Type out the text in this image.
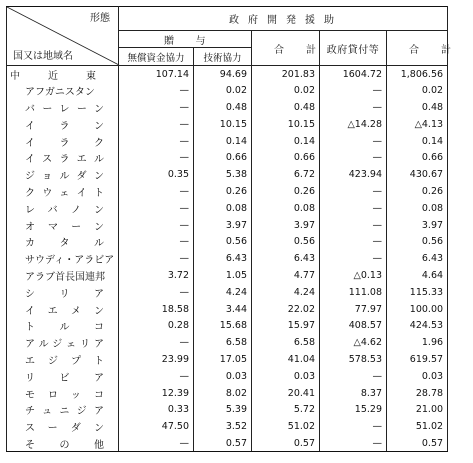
形態
国又は地域名	政府開発援助				
	贈　　与		合計	政府貸付等	合計
	無償資金協力	技術協力			
中近東	107.14	94.69	201.83	1604.72	1,806.56
アフガニスタン	—	0.02	0.02	—	0.02
バーレーン	—	0.48	0.48	—	0.48
イラン	—	10.15	10.15	△14.28	△4.13
イラク	—	0.14	0.14	—	0.14
イスラエル	—	0.66	0.66	—	0.66
ジョルダン	0.35	5.38	6.72	423.94	430.67
クウェイト	—	0.26	0.26	—	0.26
レバノン	—	0.08	0.08	—	0.08
オマーン	—	3.97	3.97	—	3.97
カタル	—	0.56	0.56	—	0.56
サウディ・アラビア	—	6.43	6.43	—	6.43
アラブ首長国連邦	3.72	1.05	4.77	△0.13	4.64
シリア	—	4.24	4.24	111.08	115.33
イエメン	18.58	3.44	22.02	77.97	100.00
トルコ	0.28	15.68	15.97	408.57	424.53
アルジェリア	—	6.58	6.58	△4.62	1.96
エジプト	23.99	17.05	41.04	578.53	619.57
リビア	—	0.03	0.03	—	0.03
モロッコ	12.39	8.02	20.41	8.37	28.78
チュニジア	0.33	5.39	5.72	15.29	21.00
スーダン	47.50	3.52	51.02	—	51.02
その他	—	0.57	0.57	—	0.57
